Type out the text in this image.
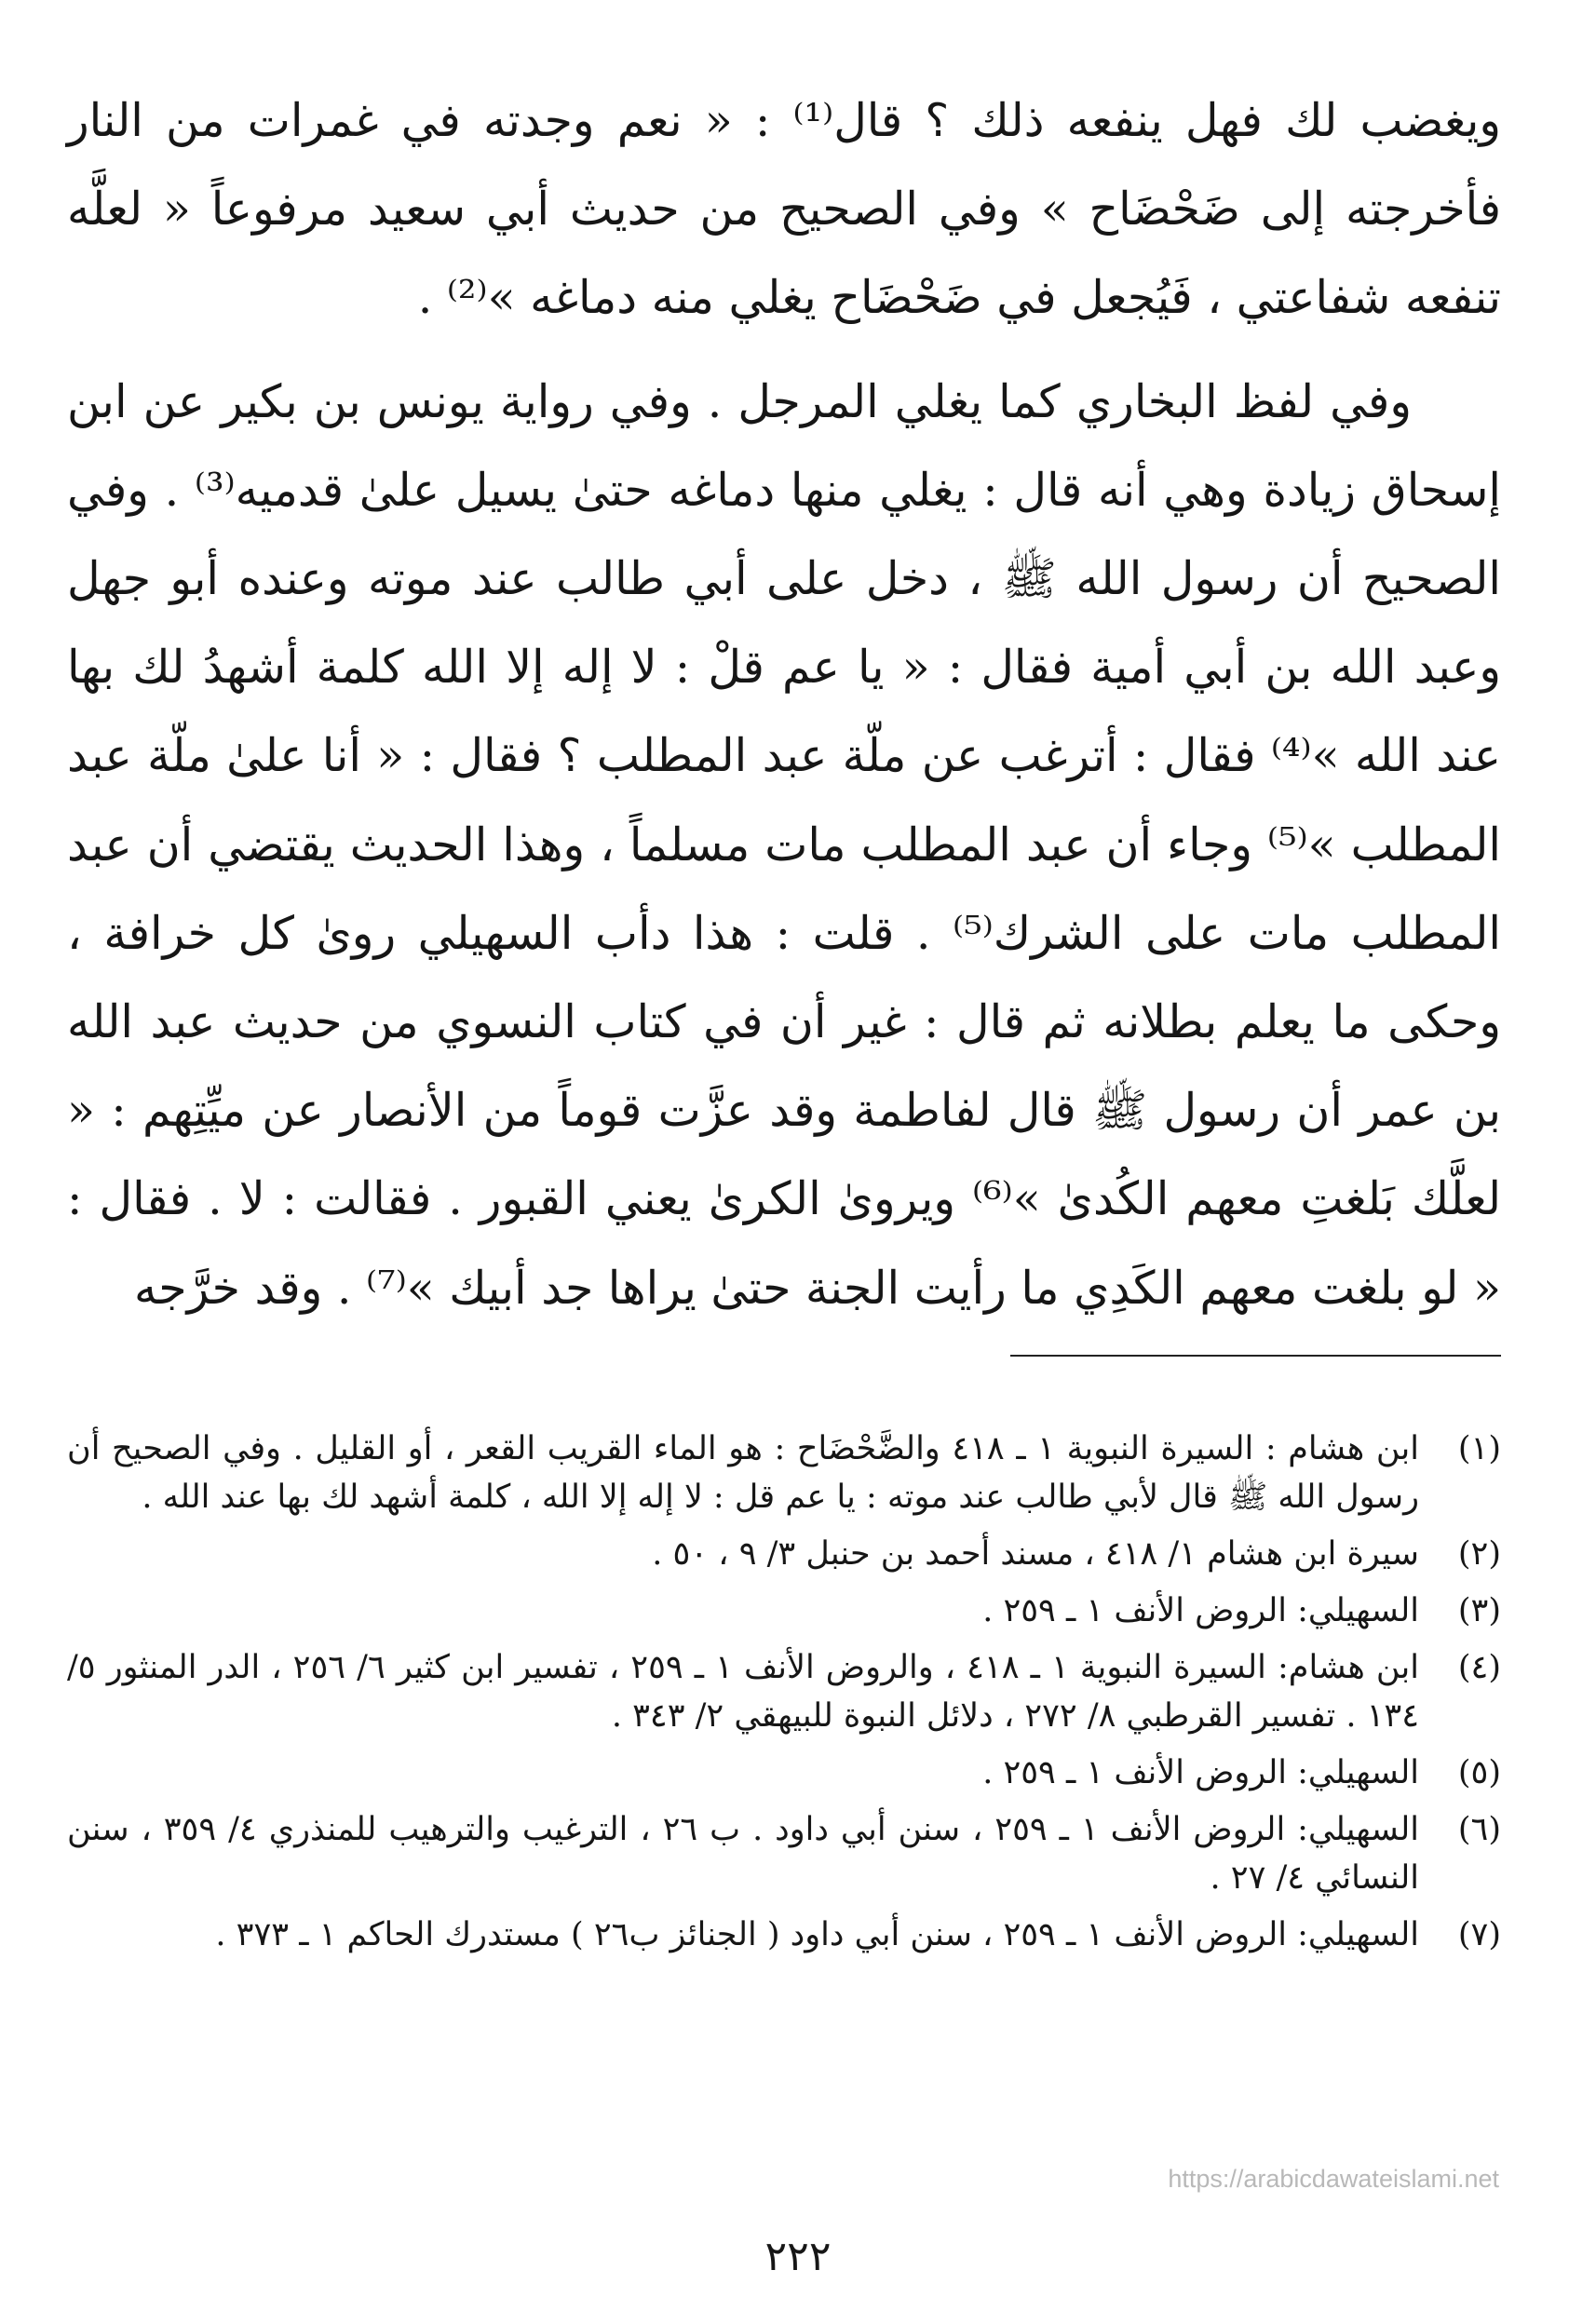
ويغضب لك فهل ينفعه ذلك ؟ قال⁽¹⁾ : « نعم وجدته في غمرات من النار فأخرجته إلى ضَحْضَاح » وفي الصحيح من حديث أبي سعيد مرفوعاً « لعلَّه تنفعه شفاعتي ، فَيُجعل في ضَحْضَاح يغلي منه دماغه »⁽²⁾ .

وفي لفظ البخاري كما يغلي المرجل . وفي رواية يونس بن بكير عن ابن إسحاق زيادة وهي أنه قال : يغلي منها دماغه حتىٰ يسيل علىٰ قدميه⁽³⁾ . وفي الصحيح أن رسول الله ﷺ ، دخل على أبي طالب عند موته وعنده أبو جهل وعبد الله بن أبي أمية فقال : « يا عم قلْ : لا إله إلا الله كلمة أشهدُ لك بها عند الله »⁽⁴⁾ فقال : أترغب عن ملّة عبد المطلب ؟ فقال : « أنا علىٰ ملّة عبد المطلب »⁽⁵⁾ وجاء أن عبد المطلب مات مسلماً ، وهذا الحديث يقتضي أن عبد المطلب مات على الشرك⁽⁵⁾ . قلت : هذا دأب السهيلي روىٰ كل خرافة ، وحكى ما يعلم بطلانه ثم قال : غير أن في كتاب النسوي من حديث عبد الله بن عمر أن رسول ﷺ قال لفاطمة وقد عزَّت قوماً من الأنصار عن ميِّتِهم : « لعلَّك بَلغتِ معهم الكُدىٰ »⁽⁶⁾ ويروىٰ الكرىٰ يعني القبور . فقالت : لا . فقال : « لو بلغت معهم الكَدِي ما رأيت الجنة حتىٰ يراها جد أبيك »⁽⁷⁾ . وقد خرَّجه

(١)
ابن هشام : السيرة النبوية ١ ـ ٤١٨ والضَّحْضَاح : هو الماء القريب القعر ، أو القليل . وفي الصحيح أن رسول الله ﷺ قال لأبي طالب عند موته : يا عم قل : لا إله إلا الله ، كلمة أشهد لك بها عند الله .
(٢)
سيرة ابن هشام ١/ ٤١٨ ، مسند أحمد بن حنبل ٣/ ٩ ، ٥٠ .
(٣)
السهيلي: الروض الأنف ١ ـ ٢٥٩ .
(٤)
ابن هشام: السيرة النبوية ١ ـ ٤١٨ ، والروض الأنف ١ ـ ٢٥٩ ، تفسير ابن كثير ٦/ ٢٥٦ ، الدر المنثور ٥/ ١٣٤ . تفسير القرطبي ٨/ ٢٧٢ ، دلائل النبوة للبيهقي ٢/ ٣٤٣ .
(٥)
السهيلي: الروض الأنف ١ ـ ٢٥٩ .
(٦)
السهيلي: الروض الأنف ١ ـ ٢٥٩ ، سنن أبي داود . ب ٢٦ ، الترغيب والترهيب للمنذري ٤/ ٣٥٩ ، سنن النسائي ٤/ ٢٧ .
(٧)
السهيلي: الروض الأنف ١ ـ ٢٥٩ ، سنن أبي داود ( الجنائز ب٢٦ ) مستدرك الحاكم ١ ـ ٣٧٣ .
https://arabicdawateislami.net
٢٢٢
